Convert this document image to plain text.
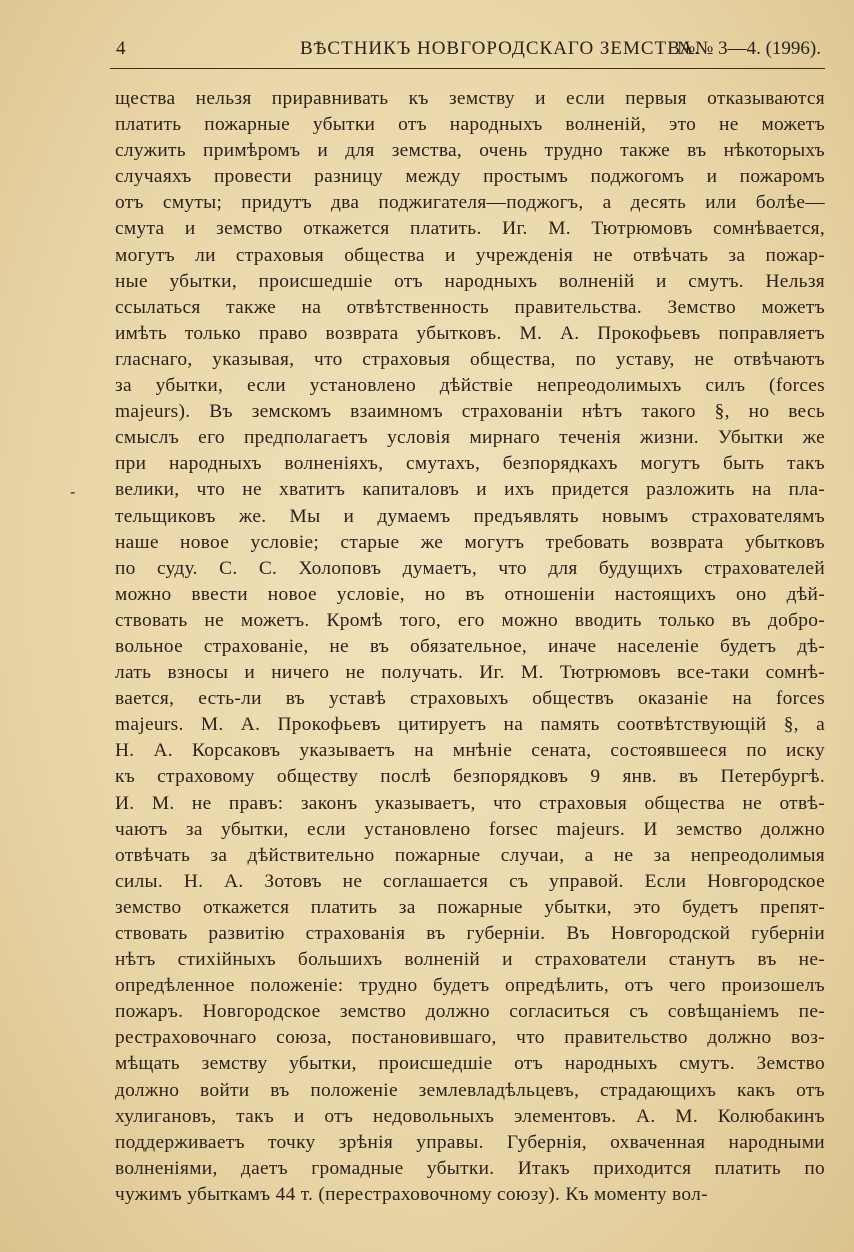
4	ВѢСТНИКЪ НОВГОРОДСКАГО ЗЕМСТВА.
№№ 3—4. (1996).
-
щества нельзя приравнивать къ земству и если первыя отказываются
платить пожарные убытки отъ народныхъ волненій, это не можетъ
служить примѣромъ и для земства, очень трудно также въ нѣкоторыхъ
случаяхъ провести разницу между простымъ поджогомъ и пожаромъ
отъ смуты; придутъ два поджигателя—поджогъ, а десять или болѣе—
смута и земство откажется платить. Иг. М. Тютрюмовъ сомнѣвается,
могутъ ли страховыя общества и учрежденія не отвѣчать за пожар-
ные убытки, происшедшіе отъ народныхъ волненій и смутъ. Нельзя
ссылаться также на отвѣтственность правительства. Земство можетъ
имѣть только право возврата убытковъ. М. А. Прокофьевъ поправляетъ
гласнаго, указывая, что страховыя общества, по уставу, не отвѣчаютъ
за убытки, если установлено дѣйствіе непреодолимыхъ силъ (forces
majeurs). Въ земскомъ взаимномъ страхованіи нѣтъ такого §, но весь
смыслъ его предполагаетъ условія мирнаго теченія жизни. Убытки же
при народныхъ волненіяхъ, смутахъ, безпорядкахъ могутъ быть такъ
велики, что не хватитъ капиталовъ и ихъ придется разложить на пла-
тельщиковъ же. Мы и думаемъ предъявлять новымъ страхователямъ
наше новое условіе; старые же могутъ требовать возврата убытковъ
по суду. С. С. Холоповъ думаетъ, что для будущихъ страхователей
можно ввести новое условіе, но въ отношеніи настоящихъ оно дѣй-
ствовать не можетъ. Кромѣ того, его можно вводить только въ добро-
вольное страхованіе, не въ обязательное, иначе населеніе будетъ дѣ-
лать взносы и ничего не получать. Иг. М. Тютрюмовъ все-таки сомнѣ-
вается, есть-ли въ уставѣ страховыхъ обществъ оказаніе на forces
majeurs. М. А. Прокофьевъ цитируетъ на память соотвѣтствующій §, а
Н. А. Корсаковъ указываетъ на мнѣніе сената, состоявшееся по иску
къ страховому обществу послѣ безпорядковъ 9 янв. въ Петербургѣ.
И. М. не правъ: законъ указываетъ, что страховыя общества не отвѣ-
чаютъ за убытки, если установлено forsec majeurs. И земство должно
отвѣчать за дѣйствительно пожарные случаи, а не за непреодолимыя
силы. Н. А. Зотовъ не соглашается съ управой. Если Новгородское
земство откажется платить за пожарные убытки, это будетъ препят-
ствовать развитію страхованія въ губерніи. Въ Новгородской губерніи
нѣтъ стихійныхъ большихъ волненій и страхователи станутъ въ не-
опредѣленное положеніе: трудно будетъ опредѣлить, отъ чего произошелъ
пожаръ. Новгородское земство должно согласиться съ совѣщаніемъ пе-
рестраховочнаго союза, постановившаго, что правительство должно воз-
мѣщать земству убытки, происшедшіе отъ народныхъ смутъ. Земство
должно войти въ положеніе землевладѣльцевъ, страдающихъ какъ отъ
хулигановъ, такъ и отъ недовольныхъ элементовъ. А. М. Колюбакинъ
поддерживаетъ точку зрѣнія управы. Губернія, охваченная народными
волненіями, даетъ громадные убытки. Итакъ приходится платить по
чужимъ убыткамъ 44 т. (перестраховочному союзу). Къ моменту вол-
